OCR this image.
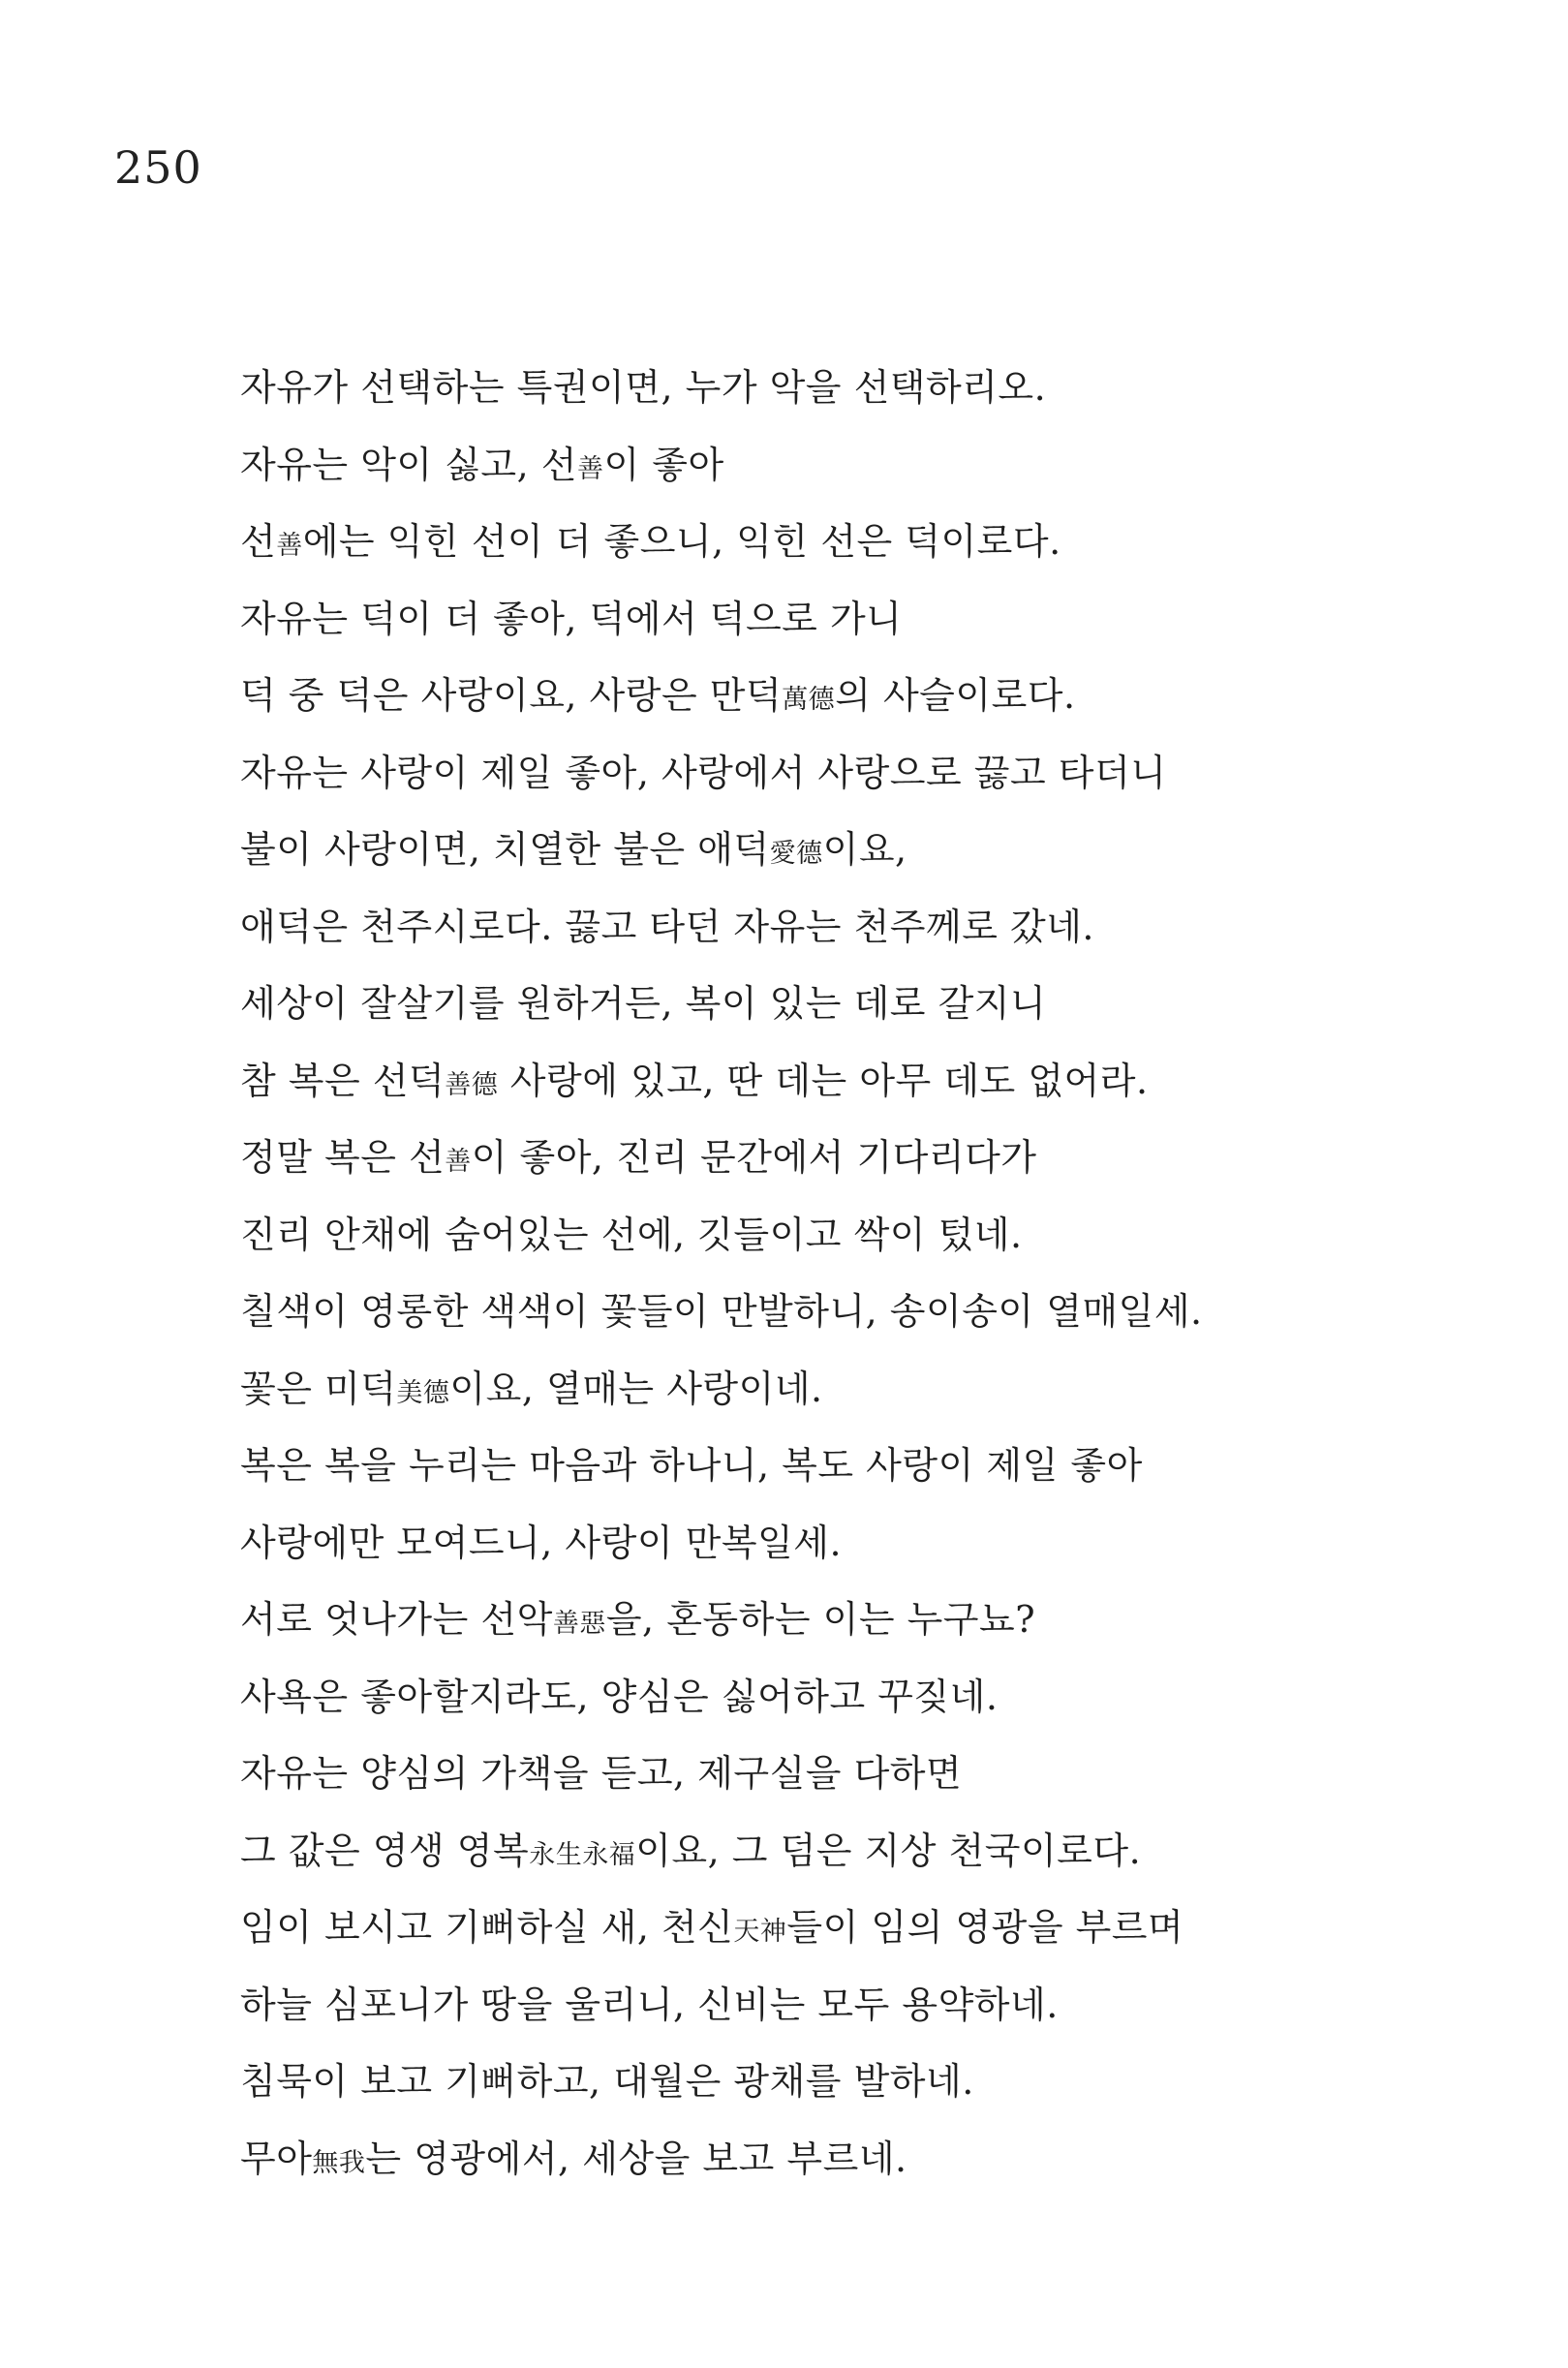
250
자유가 선택하는 특권이면, 누가 악을 선택하리오.
자유는 악이 싫고, 선善이 좋아
선善에는 익힌 선이 더 좋으니, 익힌 선은 덕이로다.
자유는 덕이 더 좋아, 덕에서 덕으로 가니
덕 중 덕은 사랑이요, 사랑은 만덕萬德의 사슬이로다.
자유는 사랑이 제일 좋아, 사랑에서 사랑으로 끓고 타더니
불이 사랑이면, 치열한 불은 애덕愛德이요,
애덕은 천주시로다. 끓고 타던 자유는 천주께로 갔네.
세상이 잘살기를 원하거든, 복이 있는 데로 갈지니
참 복은 선덕善德 사랑에 있고, 딴 데는 아무 데도 없어라.
정말 복은 선善이 좋아, 진리 문간에서 기다리다가
진리 안채에 숨어있는 선에, 깃들이고 싹이 텄네.
칠색이 영롱한 색색이 꽃들이 만발하니, 송이송이 열매일세.
꽃은 미덕美德이요, 열매는 사랑이네.
복은 복을 누리는 마음과 하나니, 복도 사랑이 제일 좋아
사랑에만 모여드니, 사랑이 만복일세.
서로 엇나가는 선악善惡을, 혼동하는 이는 누구뇨?
사욕은 좋아할지라도, 양심은 싫어하고 꾸짖네.
자유는 양심의 가책을 듣고, 제구실을 다하면
그 값은 영생 영복永生永福이요, 그 덤은 지상 천국이로다.
임이 보시고 기뻐하실 새, 천신天神들이 임의 영광을 부르며
하늘 심포니가 땅을 울리니, 신비는 모두 용약하네.
침묵이 보고 기뻐하고, 대월은 광채를 발하네.
무아無我는 영광에서, 세상을 보고 부르네.
